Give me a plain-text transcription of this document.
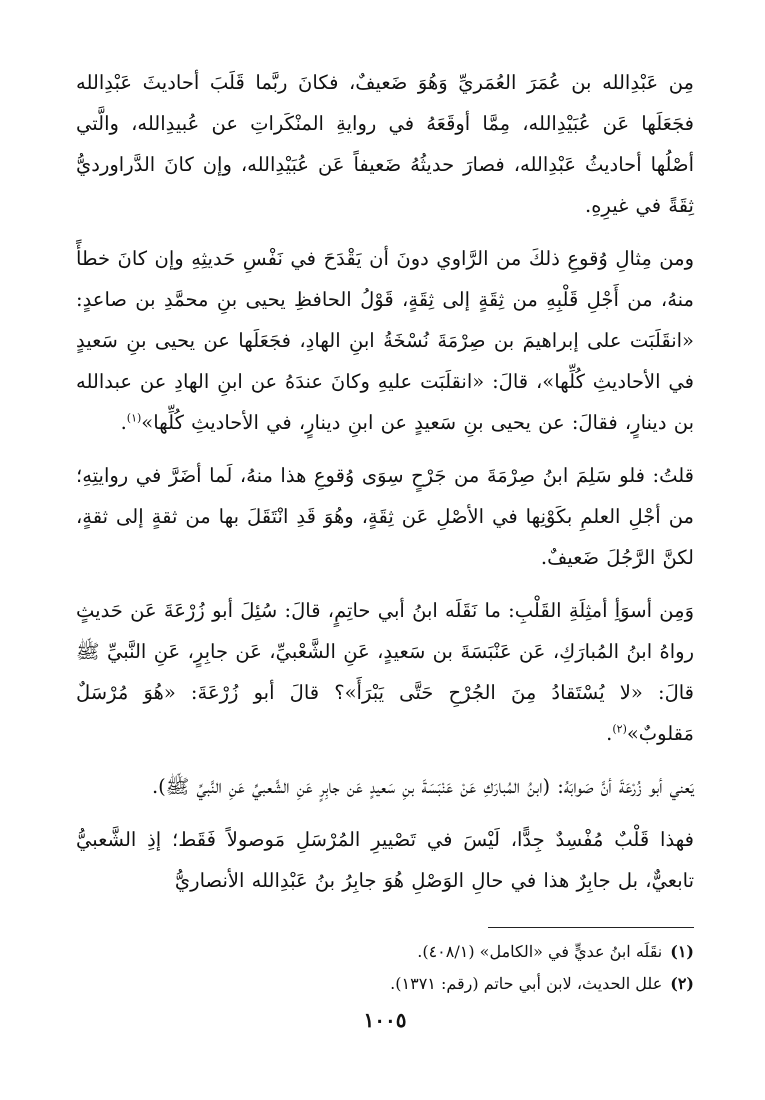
مِن عَبْدِالله بن عُمَرَ العُمَريِّ وَهُوَ ضَعيفٌ، فكانَ ربَّما قَلَبَ أحاديثَ عَبْدِالله فجَعَلَها عَن عُبَيْدِالله، مِمَّا أوقَعَهُ في روايةِ المنْكَراتِ عن عُبيدِالله، والَّتي أصْلُها أحاديثُ عَبْدِالله، فصارَ حديثُهُ ضَعيفاً عَن عُبَيْدِالله، وإن كانَ الدَّراورديُّ ثِقَةً في غيرِهِ.

ومن مِثالِ وُقوعِ ذلكَ من الرَّاوي دونَ أن يَقْدَحَ في نَفْسِ حَديثِهِ وإن كانَ خطأً منهُ، من أَجْلِ قَلْبِهِ من ثِقَةٍ إلى ثِقَةٍ، قَوْلُ الحافظِ يحيى بنِ محمَّدِ بن صاعدٍ: «انقَلَبَت على إبراهيمَ بن صِرْمَةَ نُسْخَةُ ابنِ الهادِ، فجَعَلَها عن يحيى بنِ سَعيدٍ في الأحاديثِ كُلِّها»، قالَ: «انقلَبَت عليهِ وكانَ عندَهُ عن ابنِ الهادِ عن عبدالله بن دينارٍ، فقالَ: عن يحيى بنِ سَعيدٍ عن ابنِ دينارٍ، في الأحاديثِ كُلِّها»$^{(١)}$.

قلتُ: فلو سَلِمَ ابنُ صِرْمَةَ من جَرْحٍ سِوَى وُقوعِ هذا منهُ، لَما أضَرَّ في روايتِهِ؛ من أجْلِ العلمِ بكَوْنِها في الأصْلِ عَن ثِقَةٍ، وهُوَ قَدِ انْتَقَلَ بها من ثقةٍ إلى ثقةٍ، لكنَّ الرَّجُلَ ضَعيفٌ.

وَمِن أسوَأِ أمثِلَةِ القَلْبِ: ما نَقَلَه ابنُ أبي حاتِمٍ، قالَ: سُئِلَ أبو زُرْعَةَ عَن حَديثٍ رواهُ ابنُ المُبارَكِ، عَن عَنْبَسَةَ بن سَعيدٍ، عَنِ الشَّعْبيِّ، عَن جابِرٍ، عَنِ النَّبيِّ ﷺ قالَ: «لا يُسْتَقادُ مِنَ الجُرْحِ حَتَّى يَبْرَأَ»؟ قالَ أبو زُرْعَةَ: «هُوَ مُرْسَلٌ مَقلوبٌ»$^{(٢)}$.

يَعني أبو زُرْعَةَ أنَّ صَوابَهُ: (ابنُ المُبارَكِ عَنْ عَنْبَسَةَ بنِ سَعيدٍ عَن جابِرٍ عَنِ الشَّعبيِّ عَنِ النَّبيِّ ﷺ).

فهذا قَلْبٌ مُفْسِدٌ جِدًّا، لَيْسَ في تَصْييرِ المُرْسَلِ مَوصولاً فَقَط؛ إذِ الشَّعبيُّ تابعيٌّ، بل جابِرٌ هذا في حالِ الوَصْلِ هُوَ جابِرُ بنُ عَبْدِالله الأنصاريُّ

(١)نقَلَه ابنُ عديٍّ في «الكامل» (٤٠٨/١).
(٢)علل الحديث، لابن أبي حاتم (رقم: ١٣٧١).
١٠٠٥
